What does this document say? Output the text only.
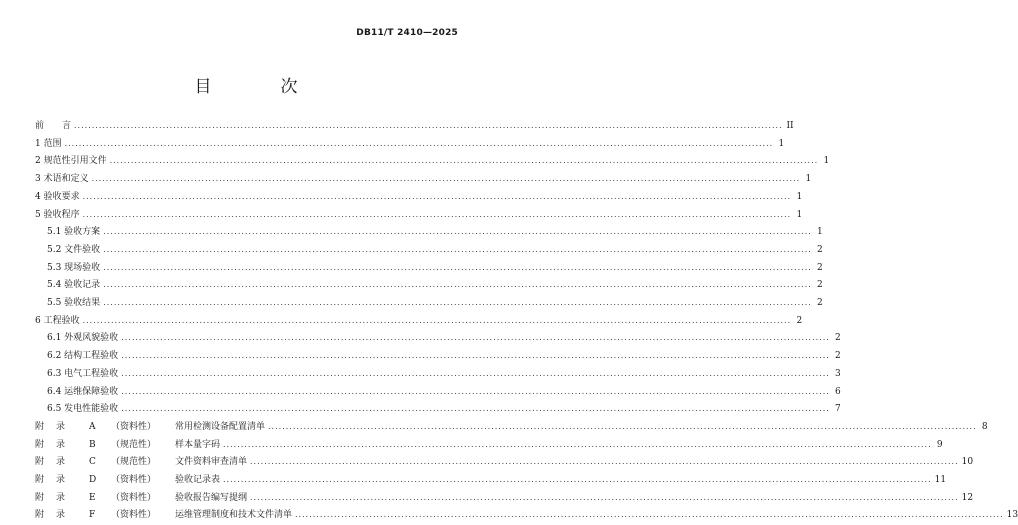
DB11/T 2410—2025
目　次
前　　言 ........................................................................................................................................................................................................ II
1 范围 ........................................................................................................................................................................................................ 1
2 规范性引用文件 ........................................................................................................................................................................................................ 1
3 术语和定义 ........................................................................................................................................................................................................ 1
4 验收要求 ........................................................................................................................................................................................................ 1
5 验收程序 ........................................................................................................................................................................................................ 1
5.1 验收方案 ........................................................................................................................................................................................................ 1
5.2 文件验收 ........................................................................................................................................................................................................ 2
5.3 现场验收 ........................................................................................................................................................................................................ 2
5.4 验收记录 ........................................................................................................................................................................................................ 2
5.5 验收结果 ........................................................................................................................................................................................................ 2
6 工程验收 ........................................................................................................................................................................................................ 2
6.1 外观风貌验收 ........................................................................................................................................................................................................ 2
6.2 结构工程验收 ........................................................................................................................................................................................................ 2
6.3 电气工程验收 ........................................................................................................................................................................................................ 3
6.4 运维保障验收 ........................................................................................................................................................................................................ 6
6.5 发电性能验收 ........................................................................................................................................................................................................ 7
附录	A	（资料性）	常用检测设备配置清单 ........................................................................................................................................................................................................ 8
附录	B	（规范性）	样本量字码 ........................................................................................................................................................................................................ 9
附录	C	（规范性）	文件资料审查清单 ........................................................................................................................................................................................................ 10
附录	D	（资料性）	验收记录表 ........................................................................................................................................................................................................ 11
附录	E	（资料性）	验收报告编写提纲 ........................................................................................................................................................................................................ 12
附录	F	（资料性）	运维管理制度和技术文件清单 ........................................................................................................................................................................................................ 13
